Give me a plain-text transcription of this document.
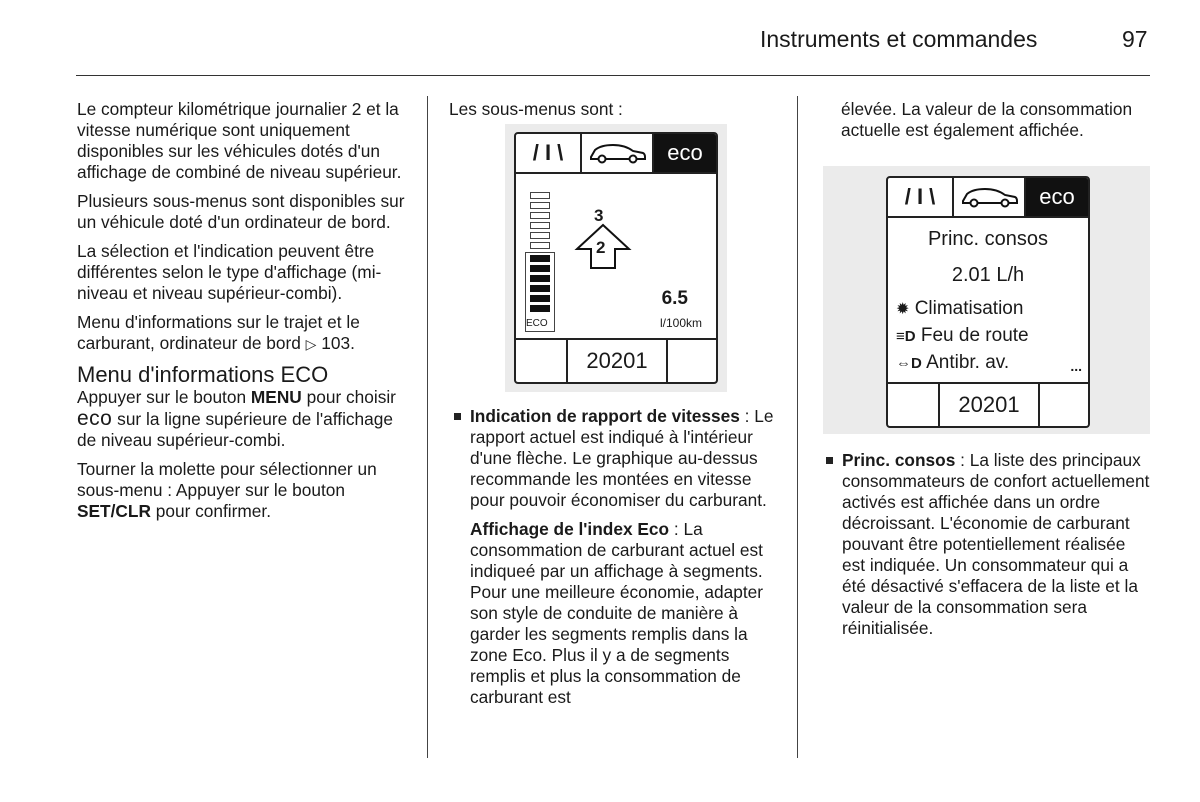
Instruments et commandes	97

Le compteur kilométrique journalier 2 et la vitesse numérique sont uniquement disponibles sur les véhicules dotés d'un affichage de combiné de niveau supérieur.

Plusieurs sous-menus sont disponibles sur un véhicule doté d'un ordinateur de bord.

La sélection et l'indication peuvent être différentes selon le type d'affichage (mi-niveau et niveau supérieur-combi).

Menu d'informations sur le trajet et le carburant, ordinateur de bord ▷ 103.

Menu d'informations ECO

Appuyer sur le bouton MENU pour choisir eco sur la ligne supérieure de l'affichage de niveau supérieur-combi.

Tourner la molette pour sélectionner un sous-menu : Appuyer sur le bouton SET/CLR pour confirmer.

Les sous-menus sont :

/ I \	eco
ECO
3
2
6.5
l/100km
20201

Indication de rapport de vitesses : Le rapport actuel est indiqué à l'intérieur d'une flèche. Le graphique au-dessus recommande les montées en vitesse pour pouvoir économiser du carburant.

Affichage de l'index Eco : La consommation de carburant actuel est indiqueé par un affichage à segments. Pour une meilleure économie, adapter son style de conduite de manière à garder les segments remplis dans la zone Eco. Plus il y a de segments remplis et plus la consommation de carburant est

élevée. La valeur de la consommation actuelle est également affichée.

/ I \	eco
Princ. consos
2.01 L/h
✹ Climatisation
≡D Feu de route
⇔D Antibr. av.	...
20201

Princ. consos : La liste des principaux consommateurs de confort actuellement activés est affichée dans un ordre décroissant. L'économie de carburant pouvant être potentiellement réalisée est indiquée. Un consommateur qui a été désactivé s'effacera de la liste et la valeur de la consommation sera réinitialisée.
